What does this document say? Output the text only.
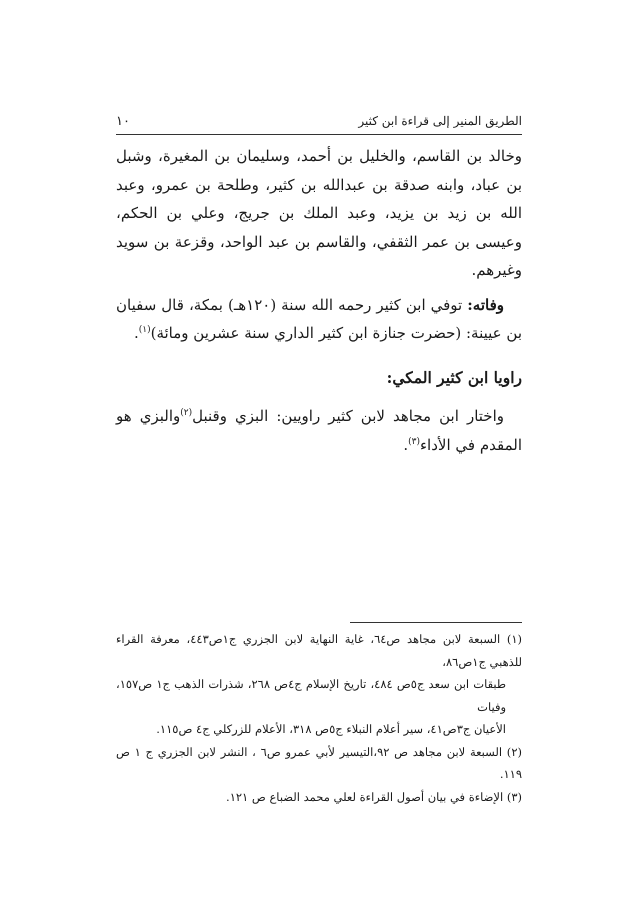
الطريق المنير إلى قراءة ابن كثير
١٠

وخالد بن القاسم، والخليل بن أحمد، وسليمان بن المغيرة، وشبل بن عباد، وابنه صدقة بن عبدالله بن كثير، وطلحة بن عمرو، وعبد الله بن زيد بن يزيد، وعبد الملك بن جريج، وعلي بن الحكم، وعيسى بن عمر الثقفي، والقاسم بن عبد الواحد، وقزعة بن سويد وغيرهم.

وفاته: توفي ابن كثير رحمه الله سنة (١٢٠هـ) بمكة، قال سفيان بن عيينة: (حضرت جنازة ابن كثير الداري سنة عشرين ومائة)$^{(١)}$.

راويا ابن كثير المكي:

واختار ابن مجاهد لابن كثير راويين: البزي وقنبل$^{(٢)}$والبزي هو المقدم في الأداء$^{(٣)}$.

(١) السبعة لابن مجاهد ص٦٤، غاية النهاية لابن الجزري ج١ص٤٤٣، معرفة القراء للذهبي ج١ص٨٦،

طبقات ابن سعد ج٥ص ٤٨٤، تاريخ الإسلام ج٤ص ٢٦٨، شذرات الذهب ج١ ص١٥٧، وفيات

الأعيان ج٣ص٤١، سير أعلام النبلاء ج٥ص ٣١٨، الأعلام للزركلي ج٤ ص١١٥.

(٢) السبعة لابن مجاهد ص ٩٢،التيسير لأبي عمرو ص٦ ، النشر لابن الجزري ج ١ ص ١١٩.

(٣) الإضاءة في بيان أصول القراءة لعلي محمد الضباع ص ١٢١.
